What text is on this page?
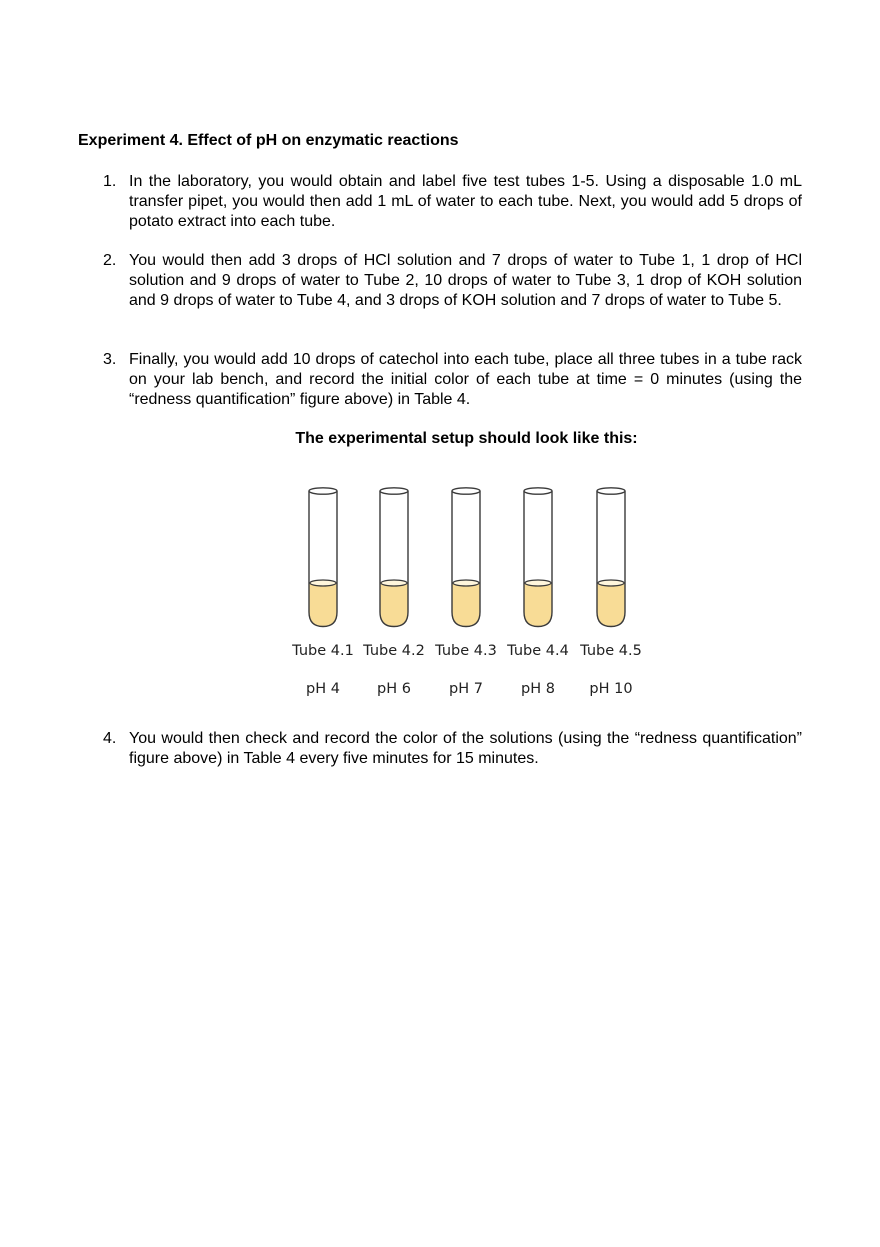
Experiment 4. Effect of pH on enzymatic reactions
1. In the laboratory, you would obtain and label five test tubes 1-5. Using a disposable 1.0 mL transfer pipet, you would then add 1 mL of water to each tube. Next, you would add 5 drops of potato extract into each tube.
2. You would then add 3 drops of HCl solution and 7 drops of water to Tube 1, 1 drop of HCl solution and 9 drops of water to Tube 2, 10 drops of water to Tube 3, 1 drop of KOH solution and 9 drops of water to Tube 4, and 3 drops of KOH solution and 7 drops of water to Tube 5.
3. Finally, you would add 10 drops of catechol into each tube, place all three tubes in a tube rack on your lab bench, and record the initial color of each tube at time = 0 minutes (using the “redness quantification” figure above) in Table 4.
The experimental setup should look like this:
Tube 4.1 Tube 4.2 Tube 4.3 Tube 4.4 Tube 4.5
pH 4	pH 6	pH 7	pH 8 pH 10
4. You would then check and record the color of the solutions (using the “redness quantification” figure above) in Table 4 every five minutes for 15 minutes.
